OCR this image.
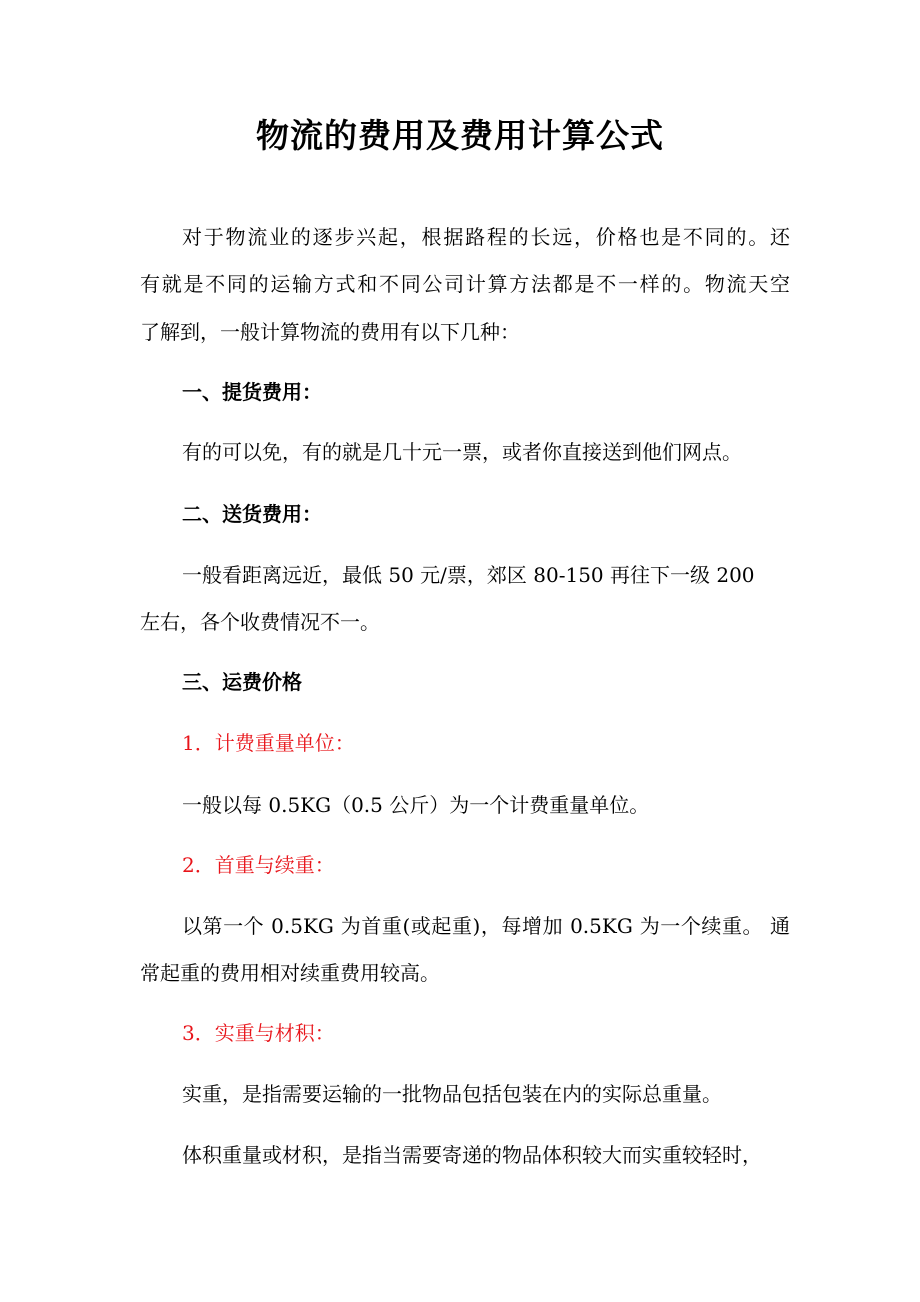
物流的费用及费用计算公式
对于物流业的逐步兴起，根据路程的长远，价格也是不同的。还
有就是不同的运输方式和不同公司计算方法都是不一样的。物流天空
了解到，一般计算物流的费用有以下几种：
一、提货费用：
有的可以免，有的就是几十元一票，或者你直接送到他们网点。
二、送货费用：
一般看距离远近，最低 50 元/票，郊区 80-150 再往下一级 200
左右，各个收费情况不一。
三、运费价格
1．计费重量单位：
一般以每 0.5KG（0.5 公斤）为一个计费重量单位。
2．首重与续重：
以第一个 0.5KG 为首重(或起重)，每增加 0.5KG 为一个续重。 通
常起重的费用相对续重费用较高。
3．实重与材积：
实重，是指需要运输的一批物品包括包装在内的实际总重量。
体积重量或材积，是指当需要寄递的物品体积较大而实重较轻时，
